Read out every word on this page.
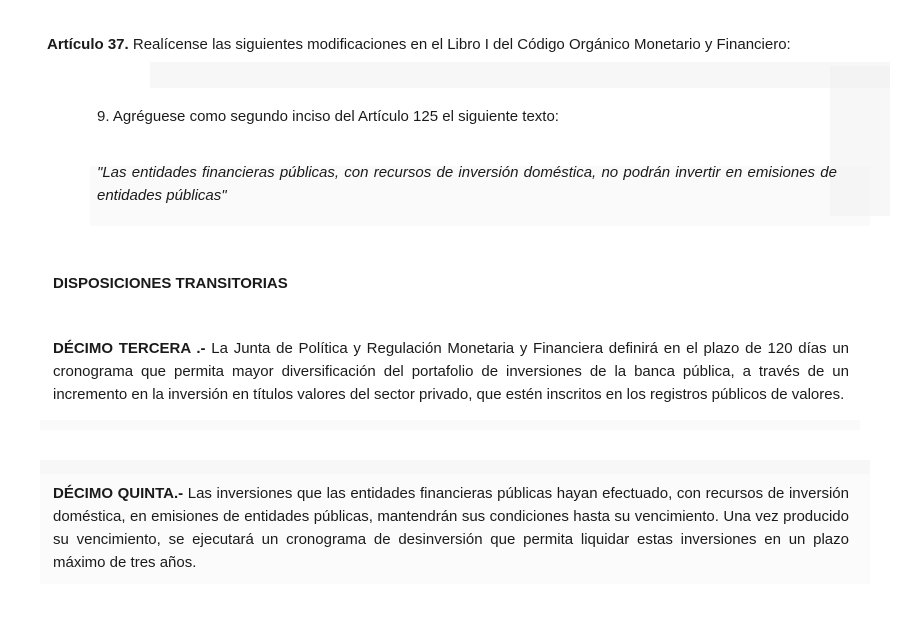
Artículo 37. Realícense las siguientes modificaciones en el Libro I del Código Orgánico Monetario y Financiero:

9. Agréguese como segundo inciso del Artículo 125 el siguiente texto:

"Las entidades financieras públicas, con recursos de inversión doméstica, no podrán invertir en emisiones de entidades públicas"

DISPOSICIONES TRANSITORIAS

DÉCIMO TERCERA .- La Junta de Política y Regulación Monetaria y Financiera definirá en el plazo de 120 días un cronograma que permita mayor diversificación del portafolio de inversiones de la banca pública, a través de un incremento en la inversión en títulos valores del sector privado, que estén inscritos en los registros públicos de valores.

DÉCIMO QUINTA.- Las inversiones que las entidades financieras públicas hayan efectuado, con recursos de inversión doméstica, en emisiones de entidades públicas, mantendrán sus condiciones hasta su vencimiento. Una vez producido su vencimiento, se ejecutará un cronograma de desinversión que permita liquidar estas inversiones en un plazo máximo de tres años.
